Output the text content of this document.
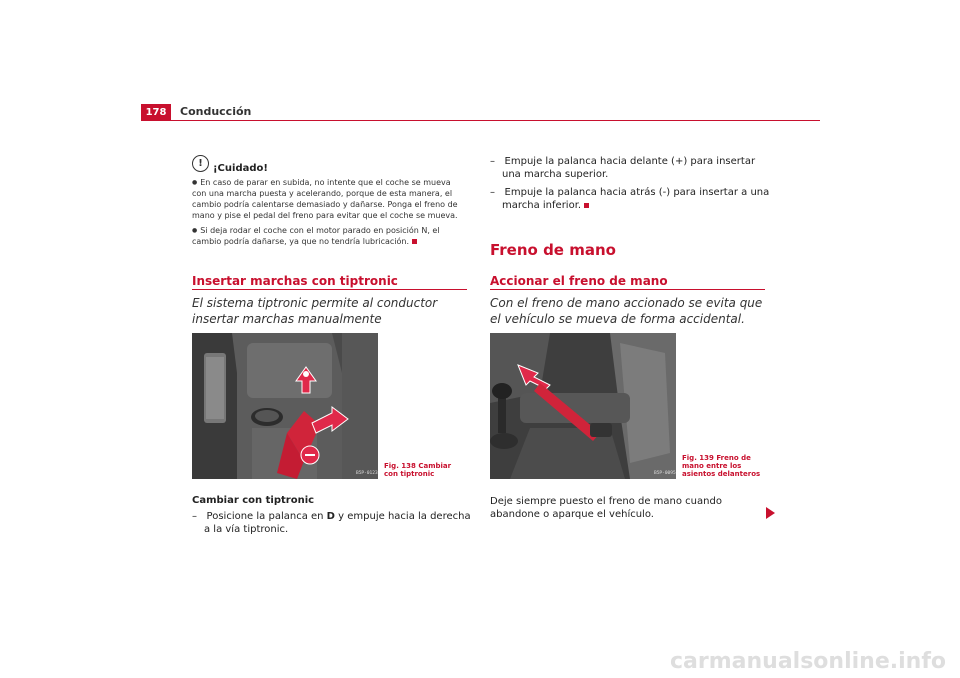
178	Conducción
!	¡Cuidado!
● En caso de parar en subida, no intente que el coche se mueva con una marcha puesta y acelerando, porque de esta manera, el cambio podría calentarse demasiado y dañarse. Ponga el freno de mano y pise el pedal del freno para evitar que el coche se mueva.
● Si deja rodar el coche con el motor parado en posición N, el cambio podría dañarse, ya que no tendría lubricación.
Insertar marchas con tiptronic
El sistema tiptronic permite al conductor insertar marchas manualmente
B5P-0123
Fig. 138 Cambiar con tiptronic
Cambiar con tiptronic
– Posicione la palanca en D y empuje hacia la derecha a la vía tiptronic.
– Empuje la palanca hacia delante (+) para insertar una marcha superior.
– Empuje la palanca hacia atrás (-) para insertar a una marcha inferior.
Freno de mano
Accionar el freno de mano
Con el freno de mano accionado se evita que el vehículo se mueva de forma accidental.
B5P-0095
Fig. 139 Freno de mano entre los asientos delanteros
Deje siempre puesto el freno de mano cuando abandone o aparque el vehículo.
carmanualsonline.info
